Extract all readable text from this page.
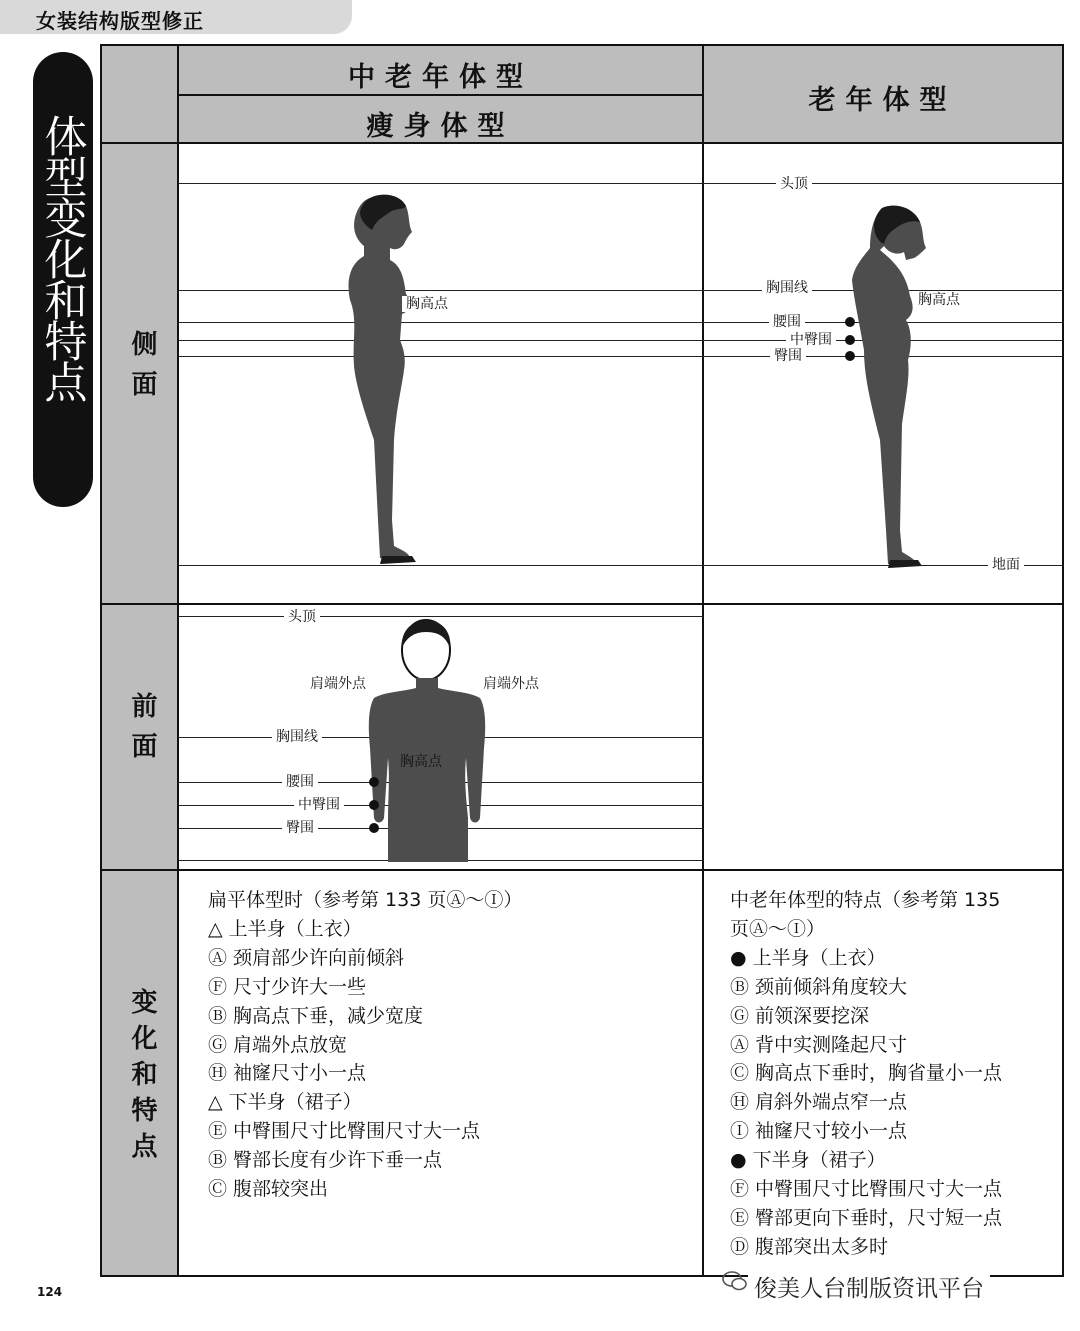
女装结构版型修正
体型变化和特点
中老年体型
瘦身体型
老年体型
侧面
前面
变化和特点
胸高点
头顶
胸围线
胸高点
腰围
中臀围
臀围
地面
头顶
肩端外点	肩端外点
胸围线
胸高点
腰围
中臀围
臀围
扁平体型时（参考第 133 页Ⓐ～Ⓘ）
△ 上半身（上衣）
Ⓐ 颈肩部少许向前倾斜
Ⓕ 尺寸少许大一些
Ⓑ 胸高点下垂，减少宽度
Ⓖ 肩端外点放宽
Ⓗ 袖窿尺寸小一点
△ 下半身（裙子）
Ⓔ 中臀围尺寸比臀围尺寸大一点
Ⓑ 臀部长度有少许下垂一点
Ⓒ 腹部较突出
中老年体型的特点（参考第 135
页Ⓐ～Ⓘ）
● 上半身（上衣）
Ⓑ 颈前倾斜角度较大
Ⓖ 前领深要挖深
Ⓐ 背中实测隆起尺寸
Ⓒ 胸高点下垂时，胸省量小一点
Ⓗ 肩斜外端点窄一点
Ⓘ 袖窿尺寸较小一点
● 下半身（裙子）
Ⓕ 中臀围尺寸比臀围尺寸大一点
Ⓔ 臀部更向下垂时，尺寸短一点
Ⓓ 腹部突出太多时
124	俊美人台制版资讯平台
